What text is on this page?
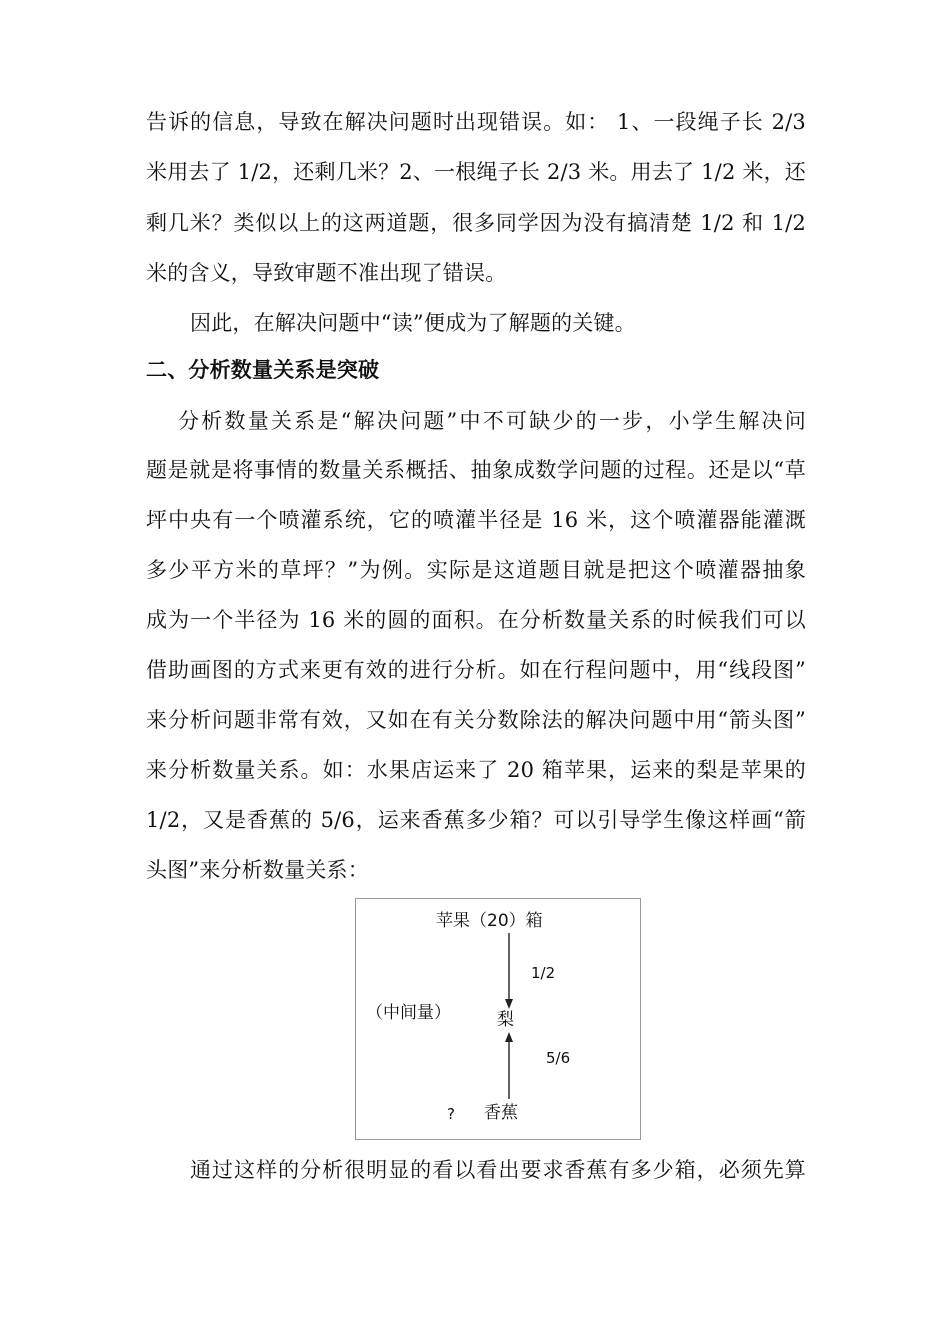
告诉的信息，导致在解决问题时出现错误。如： 1、一段绳子长 2/3
米用去了 1/2，还剩几米？2、一根绳子长 2/3 米。用去了 1/2 米，还
剩几米？类似以上的这两道题，很多同学因为没有搞清楚 1/2 和 1/2
米的含义，导致审题不准出现了错误。
因此，在解决问题中“读”便成为了解题的关键。
二、分析数量关系是突破
分析数量关系是“解决问题”中不可缺少的一步，小学生解决问
题是就是将事情的数量关系概括、抽象成数学问题的过程。还是以“草
坪中央有一个喷灌系统，它的喷灌半径是 16 米，这个喷灌器能灌溉
多少平方米的草坪？”为例。实际是这道题目就是把这个喷灌器抽象
成为一个半径为 16 米的圆的面积。在分析数量关系的时候我们可以
借助画图的方式来更有效的进行分析。如在行程问题中，用“线段图”
来分析问题非常有效，又如在有关分数除法的解决问题中用“箭头图”
来分析数量关系。如：水果店运来了 20 箱苹果，运来的梨是苹果的
1/2，又是香蕉的 5/6，运来香蕉多少箱？可以引导学生像这样画“箭
头图”来分析数量关系：
苹果（20）箱
1/2
（中间量）	梨
5/6
? 香蕉
通过这样的分析很明显的看以看出要求香蕉有多少箱，必须先算
